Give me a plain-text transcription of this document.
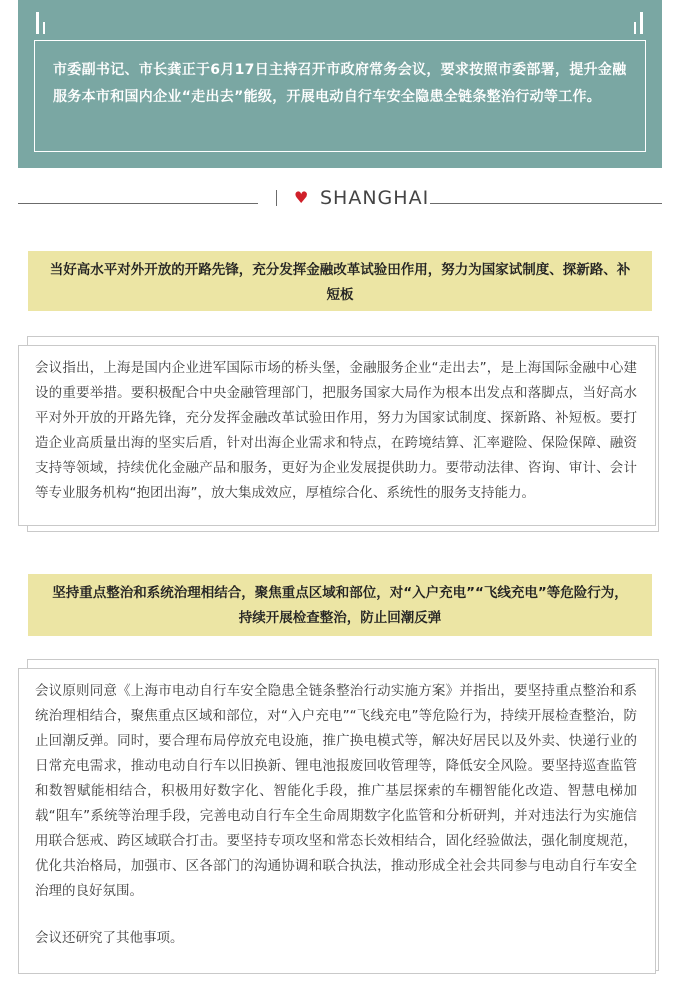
市委副书记、市长龚正于6月17日主持召开市政府常务会议，要求按照市委部署，提升金融服务本市和国内企业“走出去”能级，开展电动自行车安全隐患全链条整治行动等工作。
♥ SHANGHAI
当好高水平对外开放的开路先锋，充分发挥金融改革试验田作用，努力为国家试制度、探新路、补短板

会议指出，上海是国内企业进军国际市场的桥头堡，金融服务企业“走出去”，是上海国际金融中心建设的重要举措。要积极配合中央金融管理部门，把服务国家大局作为根本出发点和落脚点，当好高水平对外开放的开路先锋，充分发挥金融改革试验田作用，努力为国家试制度、探新路、补短板。要打造企业高质量出海的坚实后盾，针对出海企业需求和特点，在跨境结算、汇率避险、保险保障、融资支持等领域，持续优化金融产品和服务，更好为企业发展提供助力。要带动法律、咨询、审计、会计等专业服务机构“抱团出海”，放大集成效应，厚植综合化、系统性的服务支持能力。

坚持重点整治和系统治理相结合，聚焦重点区域和部位，对“入户充电”“飞线充电”等危险行为，持续开展检查整治，防止回潮反弹

会议原则同意《上海市电动自行车安全隐患全链条整治行动实施方案》并指出，要坚持重点整治和系统治理相结合，聚焦重点区域和部位，对“入户充电”“飞线充电”等危险行为，持续开展检查整治，防止回潮反弹。同时，要合理布局停放充电设施，推广换电模式等，解决好居民以及外卖、快递行业的日常充电需求，推动电动自行车以旧换新、锂电池报废回收管理等，降低安全风险。要坚持巡查监管和数智赋能相结合，积极用好数字化、智能化手段，推广基层探索的车棚智能化改造、智慧电梯加载“阻车”系统等治理手段，完善电动自行车全生命周期数字化监管和分析研判，并对违法行为实施信用联合惩戒、跨区域联合打击。要坚持专项攻坚和常态长效相结合，固化经验做法，强化制度规范，优化共治格局，加强市、区各部门的沟通协调和联合执法，推动形成全社会共同参与电动自行车安全治理的良好氛围。

会议还研究了其他事项。
